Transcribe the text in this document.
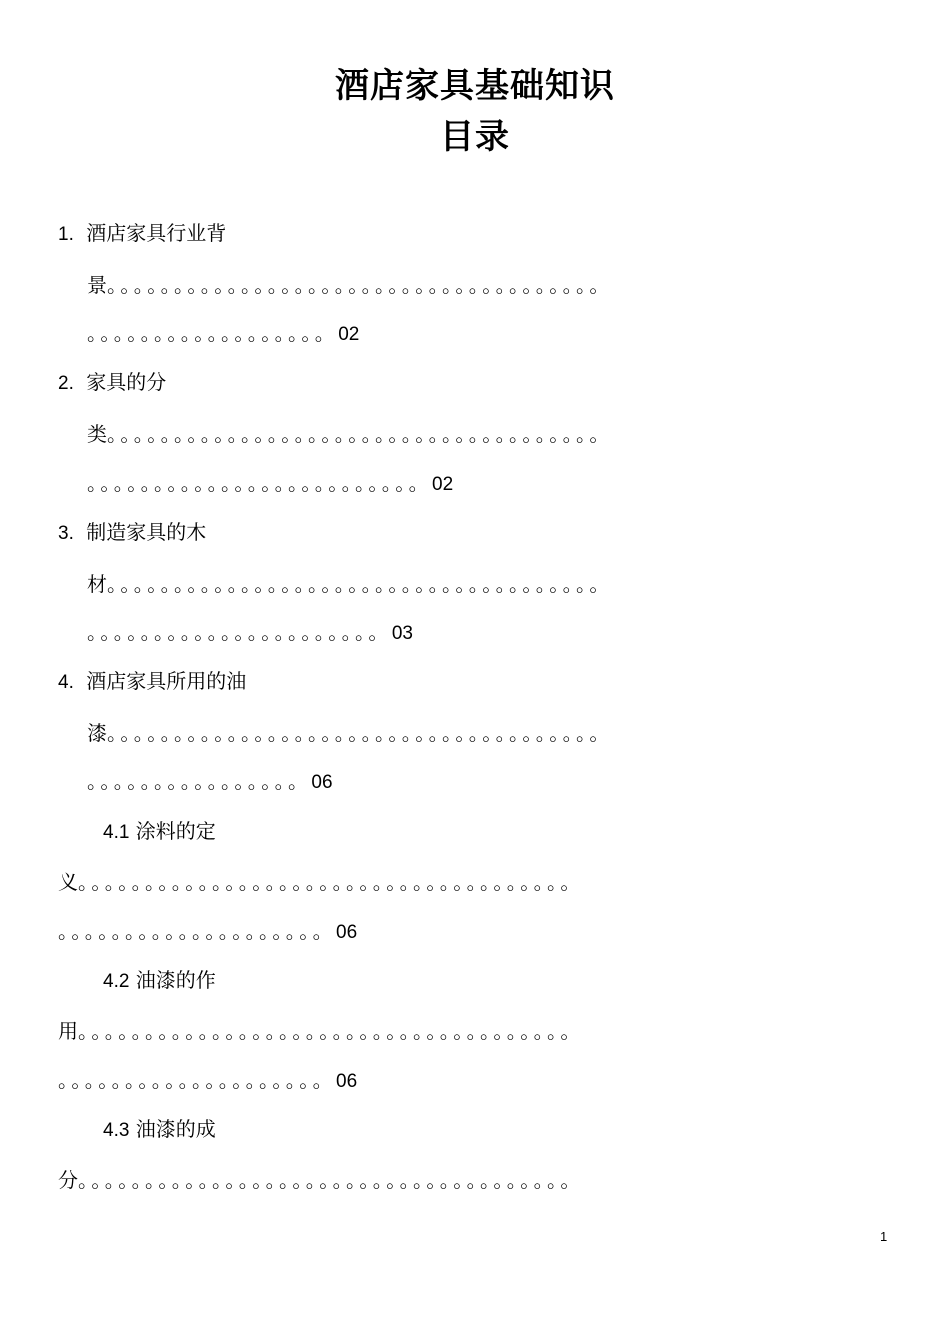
酒店家具基础知识
目录
1. 酒店家具行业背
景。。。。。。。。。。。。。。。。。。。。。。。。。。。。。。。。。。。。。
。。。。。。。。。。。。。。。。。。02
2. 家具的分
类。。。。。。。。。。。。。。。。。。。。。。。。。。。。。。。。。。。。。
。。。。。。。。。。。。。。。。。。。。。。。。。02
3. 制造家具的木
材。。。。。。。。。。。。。。。。。。。。。。。。。。。。。。。。。。。。。
。。。。。。。。。。。。。。。。。。。。。。03
4. 酒店家具所用的油
漆。。。。。。。。。。。。。。。。。。。。。。。。。。。。。。。。。。。。。
。。。。。。。。。。。。。。。。06
4.1 涂料的定
义。。。。。。。。。。。。。。。。。。。。。。。。。。。。。。。。。。。。。
。。。。。。。。。。。。。。。。。。。。06
4.2 油漆的作
用。。。。。。。。。。。。。。。。。。。。。。。。。。。。。。。。。。。。。
。。。。。。。。。。。。。。。。。。。。06
4.3 油漆的成
分。。。。。。。。。。。。。。。。。。。。。。。。。。。。。。。。。。。。。
1
